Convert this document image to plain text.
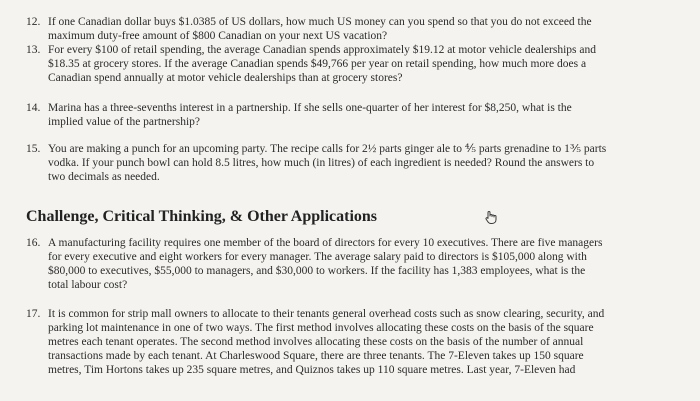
12. If one Canadian dollar buys $1.0385 of US dollars, how much US money can you spend so that you do not exceed the
maximum duty-free amount of $800 Canadian on your next US vacation?

13. For every $100 of retail spending, the average Canadian spends approximately $19.12 at motor vehicle dealerships and
$18.35 at grocery stores. If the average Canadian spends $49,766 per year on retail spending, how much more does a
Canadian spend annually at motor vehicle dealerships than at grocery stores?

14. Marina has a three-sevenths interest in a partnership. If she sells one-quarter of her interest for $8,250, what is the
implied value of the partnership?

15. You are making a punch for an upcoming party. The recipe calls for 2½ parts ginger ale to ⅘ parts grenadine to 1⅗ parts
vodka. If your punch bowl can hold 8.5 litres, how much (in litres) of each ingredient is needed? Round the answers to
two decimals as needed.

Challenge, Critical Thinking, & Other Applications
16. A manufacturing facility requires one member of the board of directors for every 10 executives. There are five managers
for every executive and eight workers for every manager. The average salary paid to directors is $105,000 along with
$80,000 to executives, $55,000 to managers, and $30,000 to workers. If the facility has 1,383 employees, what is the
total labour cost?

17. It is common for strip mall owners to allocate to their tenants general overhead costs such as snow clearing, security, and
parking lot maintenance in one of two ways. The first method involves allocating these costs on the basis of the square
metres each tenant operates. The second method involves allocating these costs on the basis of the number of annual
transactions made by each tenant. At Charleswood Square, there are three tenants. The 7-Eleven takes up 150 square
metres, Tim Hortons takes up 235 square metres, and Quiznos takes up 110 square metres. Last year, 7-Eleven had
